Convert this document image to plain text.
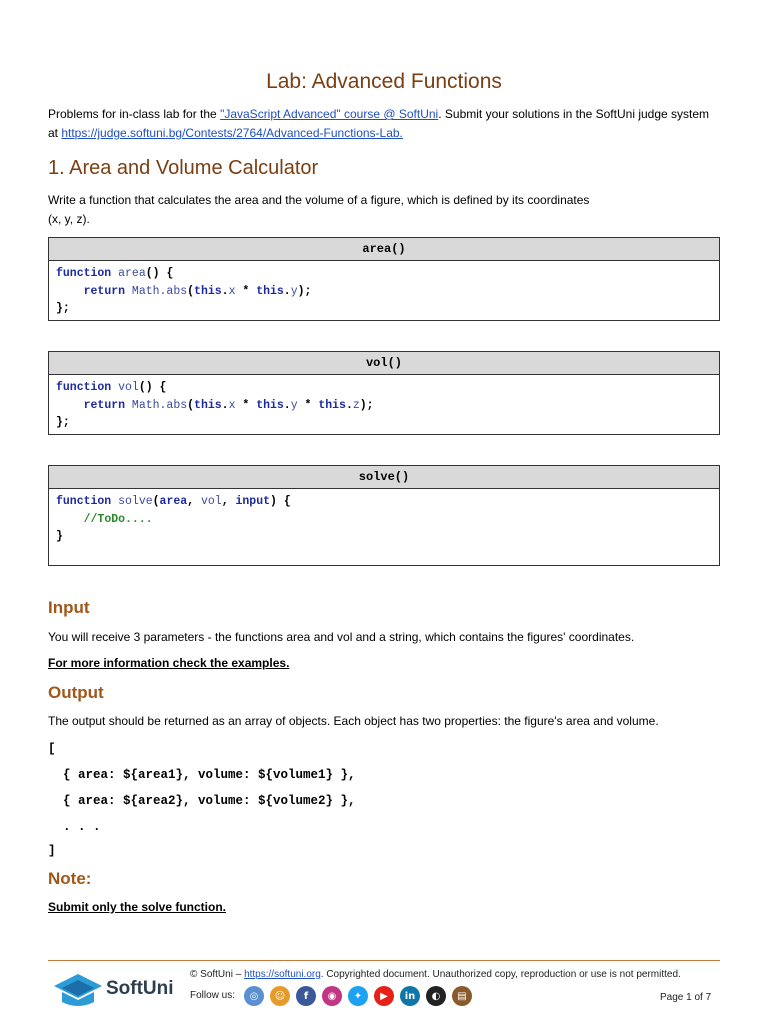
Lab: Advanced Functions

Problems for in-class lab for the "JavaScript Advanced" course @ SoftUni. Submit your solutions in the SoftUni judge system at https://judge.softuni.bg/Contests/2764/Advanced-Functions-Lab.

1. Area and Volume Calculator

Write a function that calculates the area and the volume of a figure, which is defined by its coordinates
(x, y, z).

area()
function area() {
return Math.abs(this.x * this.y);
};
vol()
function vol() {
return Math.abs(this.x * this.y * this.z);
};
solve()
function solve(area, vol, input) {
//ToDo....
}
Input

You will receive 3 parameters - the functions area and vol and a string, which contains the figures' coordinates.

For more information check the examples.

Output

The output should be returned as an array of objects. Each object has two properties: the figure's area and volume.

[
{ area: ${area1}, volume: ${volume1} },
{ area: ${area2}, volume: ${volume2} },
. . .
]
Note:

Submit only the solve function.

SoftUni
© SoftUni – https://softuni.org. Copyrighted document. Unauthorized copy, reproduction or use is not permitted.
Follow us:	◎	☺	f	◉	✦	▶	in	◐	▤	Page 1 of 7
